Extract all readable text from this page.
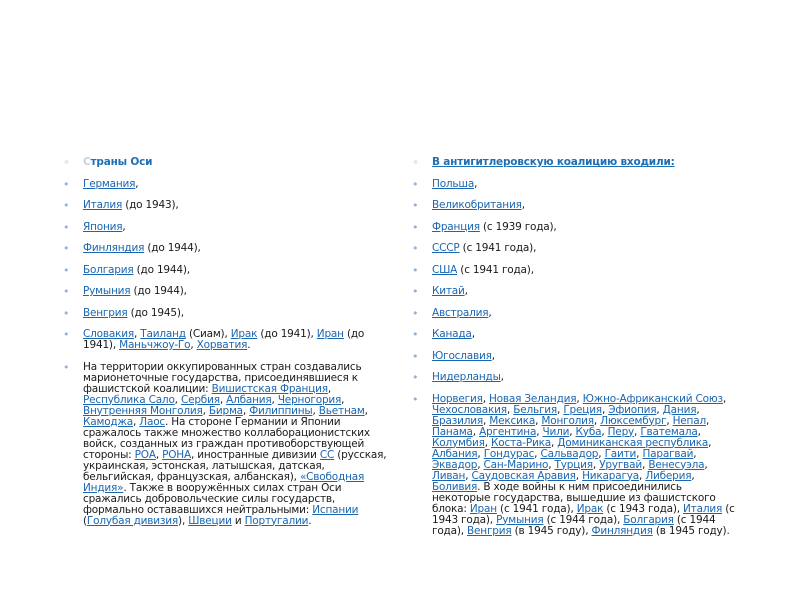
• Страны Оси
• Германия,
• Италия (до 1943),
• Япония,
• Финляндия (до 1944),
• Болгария (до 1944),
• Румыния (до 1944),
• Венгрия (до 1945),
• Словакия, Таиланд (Сиам), Ирак (до 1941), Иран (до 1941), Маньчжоу-Го, Хорватия.
• На территории оккупированных стран создавались марионеточные государства, присоединявшиеся к фашистской коалиции: Вишистская Франция, Республика Сало, Сербия, Албания, Черногория, Внутренняя Монголия, Бирма, Филиппины, Вьетнам, Камоджа, Лаос. На стороне Германии и Японии сражалось также множество коллаборационистских войск, созданных из граждан противоборствующей стороны: РОА, РОНА, иностранные дивизии СС (русская, украинская, эстонская, латышская, датская, бельгийская, французская, албанская), «Свободная Индия». Также в вооружённых силах стран Оси сражались добровольческие силы государств, формально остававшихся нейтральными: Испании (Голубая дивизия), Швеции и Португалии.
• В антигитлеровскую коалицию входили:
• Польша,
• Великобритания,
• Франция (с 1939 года),
• СССР (с 1941 года),
• США (с 1941 года),
• Китай,
• Австралия,
• Канада,
• Югославия,
• Нидерланды,
• Норвегия, Новая Зеландия, Южно-Африканский Союз, Чехословакия, Бельгия, Греция, Эфиопия, Дания, Бразилия, Мексика, Монголия, Люксембург, Непал, Панама, Аргентина, Чили, Куба, Перу, Гватемала, Колумбия, Коста-Рика, Доминиканская республика, Албания, Гондурас, Сальвадор, Гаити, Парагвай, Эквадор, Сан-Марино, Турция, Уругвай, Венесуэла, Ливан, Саудовская Аравия, Никарагуа, Либерия, Боливия. В ходе войны к ним присоединились некоторые государства, вышедшие из фашистского блока: Иран (с 1941 года), Ирак (с 1943 года), Италия (с 1943 года), Румыния (с 1944 года), Болгария (с 1944 года), Венгрия (в 1945 году), Финляндия (в 1945 году).
